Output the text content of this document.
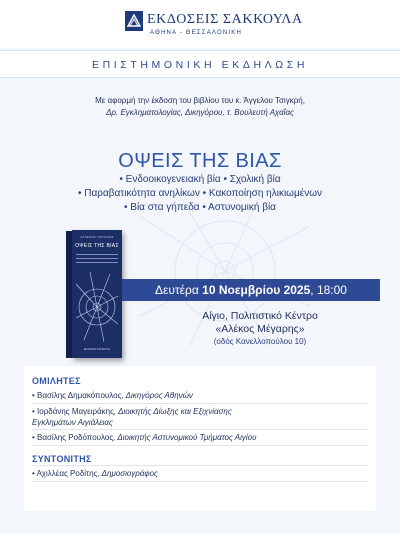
ΕΚΔΟΣΕΙΣ ΣΑΚΚΟΥΛΑ
ΑΘΗΝΑ - ΘΕΣΣΑΛΟΝΙΚΗ
ΕΠΙΣΤΗΜΟΝΙΚΗ ΕΚΔΗΛΩΣΗ
Με αφορμή την έκδοση του βιβλίου του κ. Άγγελου Τσιγκρή,
Δρ. Εγκληματολογίας, Δικηγόρου, τ. Βουλευτή Αχαΐας
ΟΨΕΙΣ ΤΗΣ ΒΙΑΣ
• Ενδοοικογενειακή βία • Σχολική βία
• Παραβατικότητα ανηλίκων • Κακοποίηση ηλικιωμένων
• Βία στα γήπεδα • Αστυνομική βία
ΑΓΓΕΛΟΣ ΤΣΙΓΚΡΗΣ
ΟΨΕΙΣ ΤΗΣ ΒΙΑΣ
ΕΚΔΟΣΕΙΣ ΣΑΚΚΟΥΛΑ
Δευτέρα 10 Νοεμβρίου 2025, 18:00
Αίγιο, Πολιτιστικό Κέντρο
«Αλέκος Μέγαρης»
(οδός Κανελλοπούλου 10)
ΟΜΙΛΗΤΕΣ
• Βασίλης Δημακόπουλος, Δικηγόρος Αθηνών
• Ιορδάνης Μαγειράκης, Διοικητής Δίωξης και Εξιχνίασης
Εγκλημάτων Αιγιάλειας
• Βασίλης Ροδόπουλος, Διοικητής Αστυνομικού Τμήματος Αιγίου
ΣΥΝΤΟΝΙΤΗΣ
• Αχιλλέας Ροδίτης, Δημοσιογράφος
